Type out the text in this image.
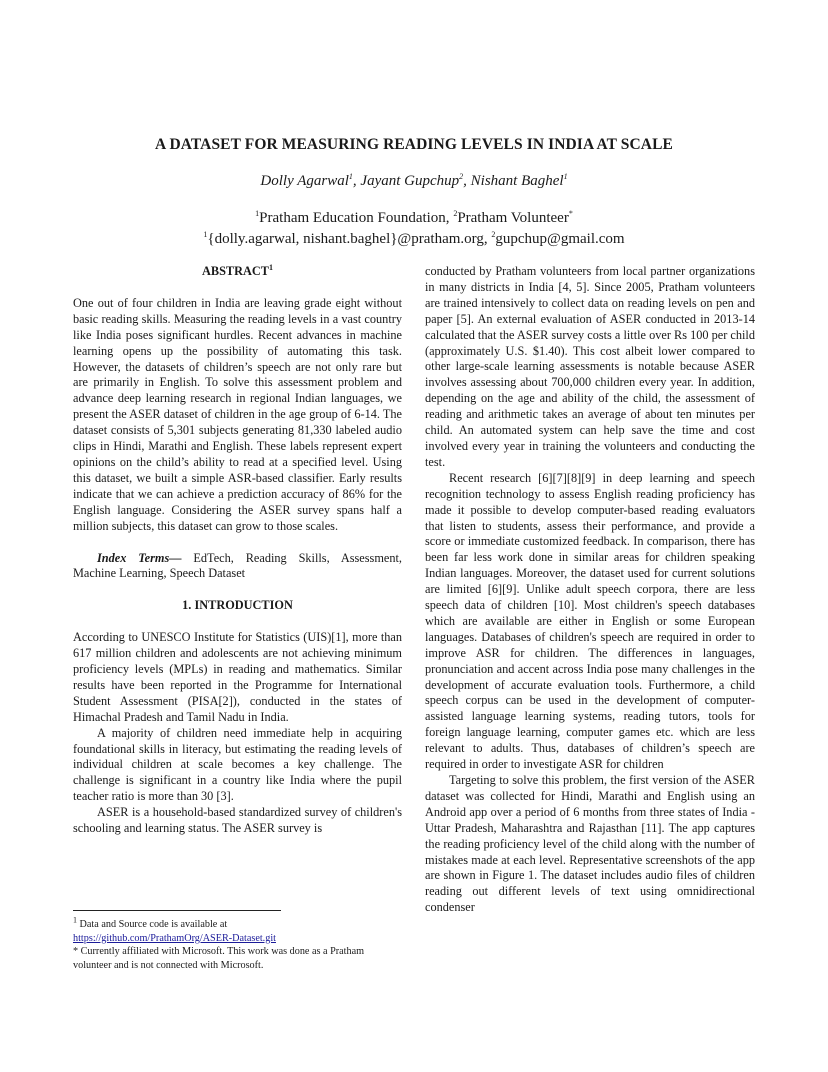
A DATASET FOR MEASURING READING LEVELS IN INDIA AT SCALE
Dolly Agarwal$^1$, Jayant Gupchup$^2$, Nishant Baghel$^1$
$^1$Pratham Education Foundation, $^2$Pratham Volunteer*
$^1${dolly.agarwal, nishant.baghel}@pratham.org, $^2$gupchup@gmail.com

ABSTRACT$^1$

One out of four children in India are leaving grade eight without basic reading skills. Measuring the reading levels in a vast country like India poses significant hurdles. Recent advances in machine learning opens up the possibility of automating this task. However, the datasets of children’s speech are not only rare but are primarily in English. To solve this assessment problem and advance deep learning research in regional Indian languages, we present the ASER dataset of children in the age group of 6-14. The dataset consists of 5,301 subjects generating 81,330 labeled audio clips in Hindi, Marathi and English. These labels represent expert opinions on the child’s ability to read at a specified level. Using this dataset, we built a simple ASR-based classifier. Early results indicate that we can achieve a prediction accuracy of 86% for the English language. Considering the ASER survey spans half a million subjects, this dataset can grow to those scales.

Index Terms— EdTech, Reading Skills, Assessment, Machine Learning, Speech Dataset

1. INTRODUCTION

According to UNESCO Institute for Statistics (UIS)[1], more than 617 million children and adolescents are not achieving minimum proficiency levels (MPLs) in reading and mathematics. Similar results have been reported in the Programme for International Student Assessment (PISA[2]), conducted in the states of Himachal Pradesh and Tamil Nadu in India.

A majority of children need immediate help in acquiring foundational skills in literacy, but estimating the reading levels of individual children at scale becomes a key challenge. The challenge is significant in a country like India where the pupil teacher ratio is more than 30 [3].

ASER is a household-based standardized survey of children's schooling and learning status. The ASER survey is

conducted by Pratham volunteers from local partner organizations in many districts in India [4, 5]. Since 2005, Pratham volunteers are trained intensively to collect data on reading levels on pen and paper [5]. An external evaluation of ASER conducted in 2013-14 calculated that the ASER survey costs a little over Rs 100 per child (approximately U.S. $1.40). This cost albeit lower compared to other large-scale learning assessments is notable because ASER involves assessing about 700,000 children every year. In addition, depending on the age and ability of the child, the assessment of reading and arithmetic takes an average of about ten minutes per child. An automated system can help save the time and cost involved every year in training the volunteers and conducting the test.

Recent research [6][7][8][9] in deep learning and speech recognition technology to assess English reading proficiency has made it possible to develop computer-based reading evaluators that listen to students, assess their performance, and provide a score or immediate customized feedback. In comparison, there has been far less work done in similar areas for children speaking Indian languages. Moreover, the dataset used for current solutions are limited [6][9]. Unlike adult speech corpora, there are less speech data of children [10]. Most children's speech databases which are available are either in English or some European languages. Databases of children's speech are required in order to improve ASR for children. The differences in languages, pronunciation and accent across India pose many challenges in the development of accurate evaluation tools. Furthermore, a child speech corpus can be used in the development of computer-assisted language learning systems, reading tutors, tools for foreign language learning, computer games etc. which are less relevant to adults. Thus, databases of children’s speech are required in order to investigate ASR for children

Targeting to solve this problem, the first version of the ASER dataset was collected for Hindi, Marathi and English using an Android app over a period of 6 months from three states of India - Uttar Pradesh, Maharashtra and Rajasthan [11]. The app captures the reading proficiency level of the child along with the number of mistakes made at each level. Representative screenshots of the app are shown in Figure 1. The dataset includes audio files of children reading out different levels of text using omnidirectional condenser

$^1$ Data and Source code is available at

https://github.com/PrathamOrg/ASER-Dataset.git

* Currently affiliated with Microsoft. This work was done as a Pratham volunteer and is not connected with Microsoft.
